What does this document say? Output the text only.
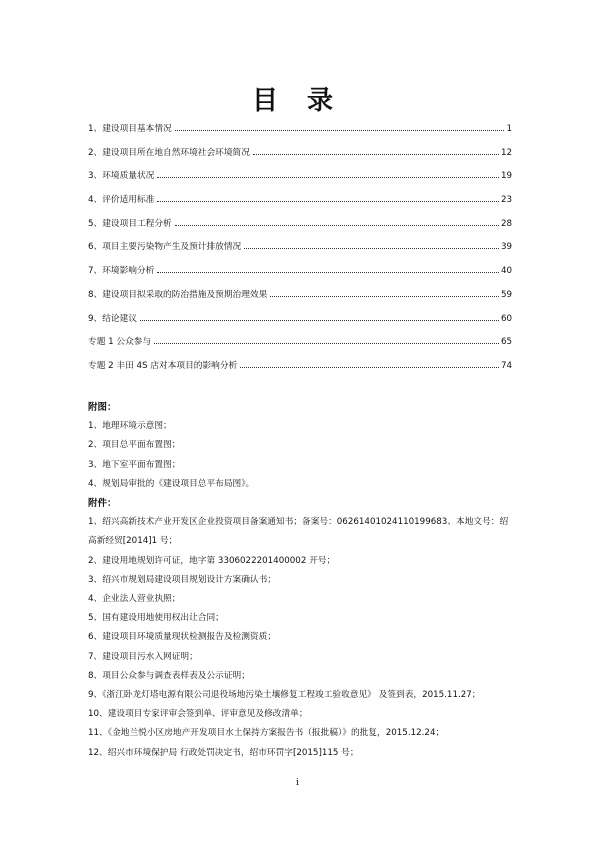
目 录
1、建设项目基本情况	1
2、建设项目所在地自然环境社会环境简况	12
3、环境质量状况	19
4、评价适用标准	23
5、建设项目工程分析	28
6、项目主要污染物产生及预计排放情况	39
7、环境影响分析	40
8、建设项目拟采取的防治措施及预期治理效果	59
9、结论建议	60
专题 1 公众参与	65
专题 2 丰田 4S 店对本项目的影响分析	74
附图：
1、地理环境示意图；
2、项目总平面布置图；
3、地下室平面布置图；
4、规划局审批的《建设项目总平布局图》。
附件：
1、绍兴高新技术产业开发区企业投资项目备案通知书；备案号：06261401024110199683、本地文号：绍高新经贸[2014]1 号；
2、建设用地规划许可证，地字第 3306022201400002 开号；
3、绍兴市规划局建设项目规划设计方案确认书；
4、企业法人营业执照；
5、国有建设用地使用权出让合同；
6、建设项目环境质量现状检测报告及检测资质；
7、建设项目污水入网证明；
8、项目公众参与调查表样表及公示证明；
9、《浙江卧龙灯塔电源有限公司退役场地污染土壤修复工程竣工验收意见》 及签到表，2015.11.27；
10、建设项目专家评审会签到单、评审意见及修改清单；
11、《金地兰悦小区房地产开发项目水土保持方案报告书（报批稿）》的批复，2015.12.24；
12、绍兴市环境保护局 行政处罚决定书，绍市环罚字[2015]115 号；
i
